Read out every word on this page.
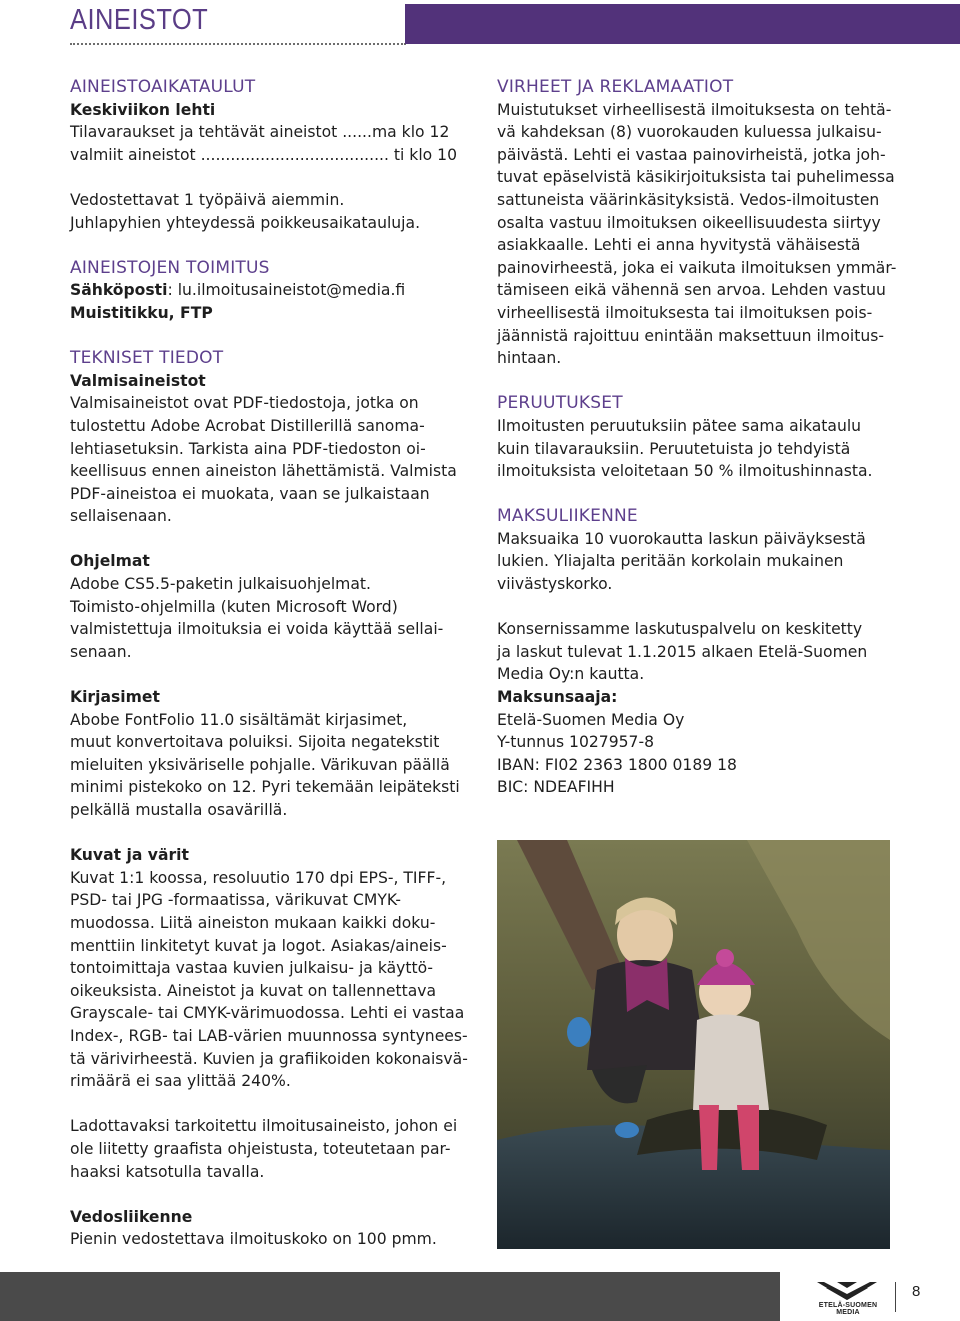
AINEISTOT

AINEISTOAIKATAULUT

Keskiviikon lehti

Tilavaraukset ja tehtävät aineistot ......ma klo 12

valmiit aineistot ...................................... ti klo 10

Vedostettavat 1 työpäivä aiemmin.

Juhlapyhien yhteydessä poikkeusaikatauluja.

AINEISTOJEN TOIMITUS

Sähköposti: lu.ilmoitusaineistot@media.fi

Muistitikku, FTP

TEKNISET TIEDOT

Valmisaineistot

Valmisaineistot ovat PDF-tiedostoja, jotka on

tulostettu Adobe Acrobat Distillerillä sanoma-

lehtiasetuksin. Tarkista aina PDF-tiedoston oi-

keellisuus ennen aineiston lähettämistä. Valmista

PDF-aineistoa ei muokata, vaan se julkaistaan

sellaisenaan.

Ohjelmat

Adobe CS5.5-paketin julkaisuohjelmat.

Toimisto-ohjelmilla (kuten Microsoft Word)

valmistettuja ilmoituksia ei voida käyttää sellai-

senaan.

Kirjasimet

Abobe FontFolio 11.0 sisältämät kirjasimet,

muut konvertoitava poluiksi. Sijoita negatekstit

mieluiten yksiväriselle pohjalle. Värikuvan päällä

minimi pistekoko on 12. Pyri tekemään leipäteksti

pelkällä mustalla osavärillä.

Kuvat ja värit

Kuvat 1:1 koossa, resoluutio 170 dpi EPS-, TIFF-,

PSD- tai JPG -formaatissa, värikuvat CMYK-

muodossa. Liitä aineiston mukaan kaikki doku-

menttiin linkitetyt kuvat ja logot. Asiakas/aineis-

tontoimittaja vastaa kuvien julkaisu- ja käyttö-

oikeuksista. Aineistot ja kuvat on tallennettava

Grayscale- tai CMYK-värimuodossa. Lehti ei vastaa

Index-, RGB- tai LAB-värien muunnossa syntynees-

tä värivirheestä. Kuvien ja grafiikoiden kokonaisvä-

rimäärä ei saa ylittää 240%.

Ladottavaksi tarkoitettu ilmoitusaineisto, johon ei

ole liitetty graafista ohjeistusta, toteutetaan par-

haaksi katsotulla tavalla.

Vedosliikenne

Pienin vedostettava ilmoituskoko on 100 pmm.

VIRHEET JA REKLAMAATIOT

Muistutukset virheellisestä ilmoituksesta on tehtä-

vä kahdeksan (8) vuorokauden kuluessa julkaisu-

päivästä. Lehti ei vastaa painovirheistä, jotka joh-

tuvat epäselvistä käsikirjoituksista tai puhelimessa

sattuneista väärinkäsityksistä. Vedos-ilmoitusten

osalta vastuu ilmoituksen oikeellisuudesta siirtyy

asiakkaalle. Lehti ei anna hyvitystä vähäisestä

painovirheestä, joka ei vaikuta ilmoituksen ymmär-

tämiseen eikä vähennä sen arvoa. Lehden vastuu

virheellisestä ilmoituksesta tai ilmoituksen pois-

jäännistä rajoittuu enintään maksettuun ilmoitus-

hintaan.

PERUUTUKSET

Ilmoitusten peruutuksiin pätee sama aikataulu

kuin tilavarauksiin. Peruutetuista jo tehdyistä

ilmoituksista veloitetaan 50 % ilmoitushinnasta.

MAKSULIIKENNE

Maksuaika 10 vuorokautta laskun päiväyksestä

lukien. Yliajalta peritään korkolain mukainen

viivästyskorko.

Konsernissamme laskutuspalvelu on keskitetty

ja laskut tulevat 1.1.2015 alkaen Etelä-Suomen

Media Oy:n kautta.

Maksunsaaja:

Etelä-Suomen Media Oy

Y-tunnus 1027957-8

IBAN: FI02 2363 1800 0189 18

BIC: NDEAFIHH

ETELÄ-SUOMEN MEDIA
8
